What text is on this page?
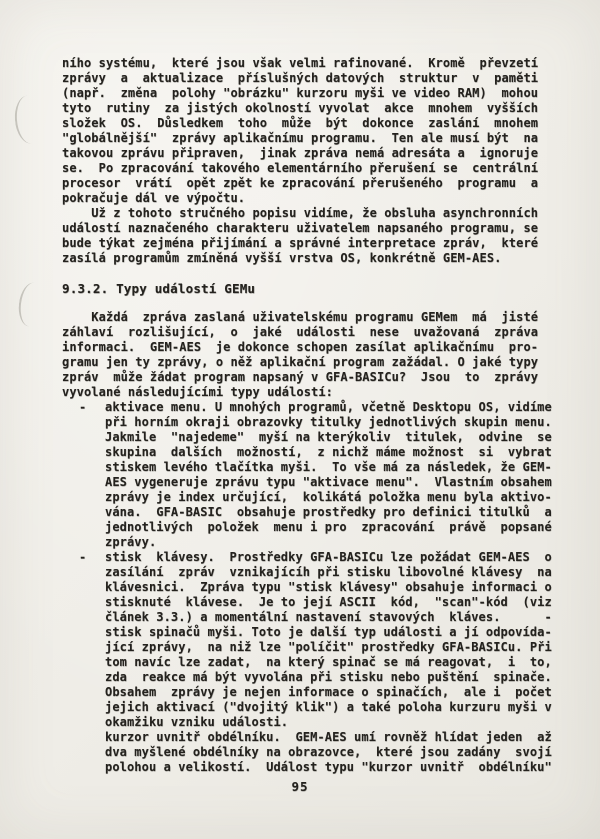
ního systému,  které jsou však velmi rafinované.  Kromě  převzetí
zprávy  a  aktualizace  příslušných datových  struktur  v  paměti
(např.  změna  polohy "obrázku" kurzoru myši ve video RAM)  mohou
tyto  rutiny  za jistých okolností vyvolat  akce  mnohem  vyšších
složek  OS.  Důsledkem  toho  může  být  dokonce  zaslání  mnohem
"globálnější"  zprávy aplikačnímu programu.  Ten ale musí být  na
takovou zprávu připraven,  jinak zpráva nemá adresáta a  ignoruje
se.  Po zpracování takového elementárního přerušení se  centrální
procesor  vrátí  opět zpět ke zpracování přerušeného  programu  a
pokračuje dál ve výpočtu.
Už z tohoto stručného popisu vidíme, že obsluha asynchronních
událostí naznačeného charakteru uživatelem napsaného programu, se
bude týkat zejména přijímání a správné interpretace zpráv,  které
zasílá programům zmíněná vyšší vrstva OS, konkrétně GEM-AES.
9.3.2. Typy událostí GEMu
Každá  zpráva zaslaná uživatelskému programu GEMem  má  jisté
záhlaví  rozlišující,  o  jaké  události  nese  uvažovaná  zpráva
informaci.  GEM-AES  je dokonce schopen zasílat aplikačnímu  pro-
gramu jen ty zprávy, o něž aplikační program zažádal. O jaké typy
zpráv  může žádat program napsaný v GFA-BASICu?  Jsou  to  zprávy
vyvolané následujícími typy událostí:
-	aktivace menu. U mnohých programů, včetně Desktopu OS, vidíme
při horním okraji obrazovky titulky jednotlivých skupin menu.
Jakmile  "najedeme"  myší na kterýkoliv  titulek,  odvine  se
skupina  dalších  možností,  z nichž máme možnost  si  vybrat
stiskem levého tlačítka myši.  To vše má za následek, že GEM-
AES vygeneruje zprávu typu "aktivace menu".  Vlastním obsahem
zprávy je index určující,  kolikátá položka menu byla aktivo-
vána.  GFA-BASIC  obsahuje prostředky pro definici titulků  a
jednotlivých  položek  menu i pro  zpracování  právě  popsané
zprávy.
-	stisk  klávesy.  Prostředky GFA-BASICu lze požádat GEM-AES  o
zasílání  zpráv  vznikajícíh při stisku libovolné klávesy  na
klávesnici.  Zpráva typu "stisk klávesy" obsahuje informaci o
stisknuté  klávese.  Je to její ASCII  kód,  "scan"-kód  (viz
článek 3.3.) a momentální nastavení stavových  kláves.      -
stisk spinačů myši. Toto je další typ události a jí odpovída-
jící zprávy,  na niž lze "políčit" prostředky GFA-BASICu. Při
tom navíc lze zadat,  na který spinač se má reagovat,  i  to,
zda  reakce má být vyvolána při stisku nebo puštění  spinače.
Obsahem  zprávy je nejen informace o spinačích,  ale i  počet
jejich aktivací ("dvojitý klik") a také poloha kurzuru myši v
okamžiku vzniku události.
kurzor uvnitř obdélníku.  GEM-AES umí rovněž hlídat jeden  až
dva myšlené obdélníky na obrazovce,  které jsou zadány  svojí
polohou a velikostí.  Událost typu "kurzor uvnitř  obdélníku"
95
